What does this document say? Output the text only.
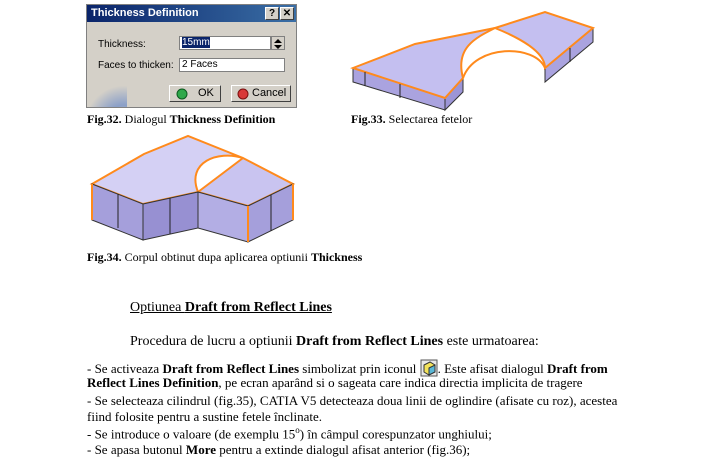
Thickness Definition	? ✕
Thickness:	15mm
Faces to thicken: 2 Faces
OK	Cancel
Fig.32. Dialogul Thickness Definition	Fig.33. Selectarea fetelor
Fig.34. Corpul obtinut dupa aplicarea optiunii Thickness
Optiunea Draft from Reflect Lines
Procedura de lucru a optiunii Draft from Reflect Lines este urmatoarea:
- Se activeaza Draft from Reflect Lines simbolizat prin iconul . Este afisat dialogul Draft from
Reflect Lines Definition, pe ecran aparând si o sageata care indica directia implicita de tragere
- Se selecteaza cilindrul (fig.35), CATIA V5 detecteaza doua linii de oglindire (afisate cu roz), acestea
fiind folosite pentru a sustine fetele înclinate.
- Se introduce o valoare (de exemplu 15$^o$) în câmpul corespunzator unghiului;
- Se apasa butonul More pentru a extinde dialogul afisat anterior (fig.36);
